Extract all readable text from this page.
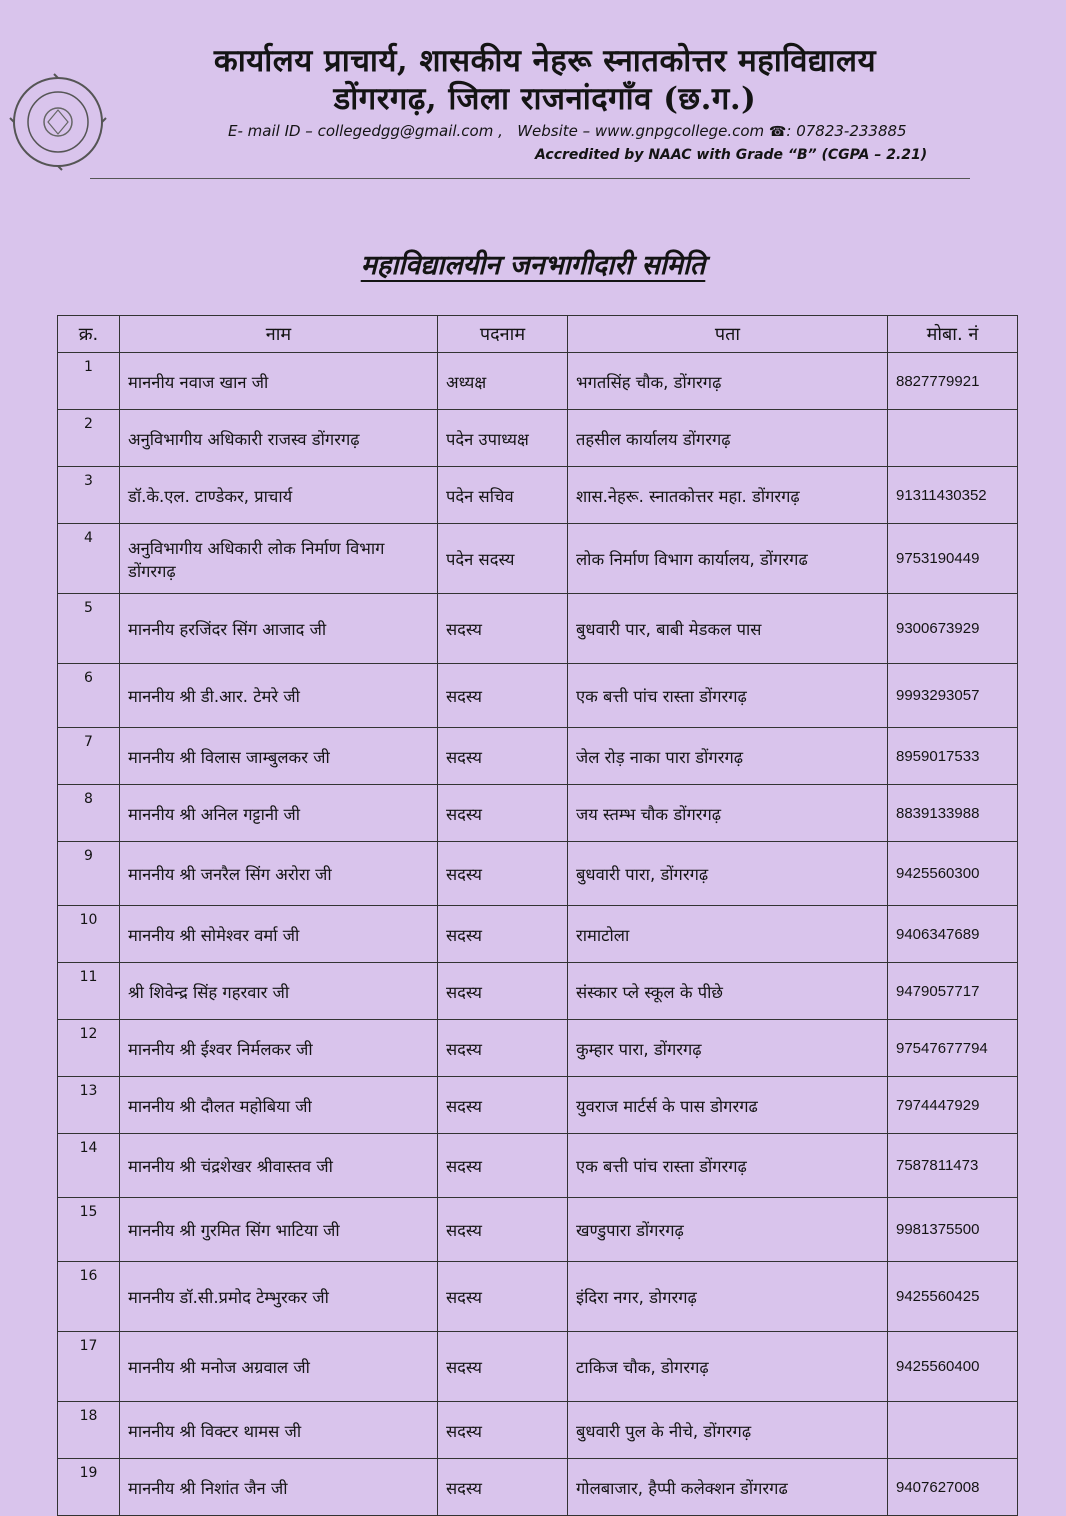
कार्यालय प्राचार्य, शासकीय नेहरू स्नातकोत्तर महाविद्यालय
डोंगरगढ़, जिला राजनांदगाँव (छ.ग.)
E- mail ID – collegedgg@gmail.com , Website – www.gnpgcollege.com ☎: 07823-233885
Accredited by NAAC with Grade “B” (CGPA – 2.21)
महाविद्यालयीन जनभागीदारी समिति
क्र.	नाम	पदनाम	पता	मोबा. नं
1	माननीय नवाज खान जी	अध्यक्ष	भगतसिंह चौक, डोंगरगढ़	8827779921
2	अनुविभागीय अधिकारी राजस्व डोंगरगढ़	पदेन उपाध्यक्ष	तहसील कार्यालय डोंगरगढ़	
3	डॉ.के.एल. टाण्डेकर, प्राचार्य	पदेन सचिव	शास.नेहरू. स्नातकोत्तर महा. डोंगरगढ़	91311430352
4	अनुविभागीय अधिकारी लोक निर्माण विभाग डोंगरगढ़	पदेन सदस्य	लोक निर्माण विभाग कार्यालय, डोंगरगढ	9753190449
5	माननीय हरजिंदर सिंग आजाद जी	सदस्य	बुधवारी पार, बाबी मेडकल पास	9300673929
6	माननीय श्री डी.आर. टेमरे जी	सदस्य	एक बत्ती पांच रास्ता डोंगरगढ़	9993293057
7	माननीय श्री विलास जाम्बुलकर जी	सदस्य	जेल रोड़ नाका पारा डोंगरगढ़	8959017533
8	माननीय श्री अनिल गट्टानी जी	सदस्य	जय स्तम्भ चौक डोंगरगढ़	8839133988
9	माननीय श्री जनरैल सिंग अरोरा जी	सदस्य	बुधवारी पारा, डोंगरगढ़	9425560300
10	माननीय श्री सोमेश्वर वर्मा जी	सदस्य	रामाटोला	9406347689
11	श्री शिवेन्द्र सिंह गहरवार जी	सदस्य	संस्कार प्ले स्कूल के पीछे	9479057717
12	माननीय श्री ईश्वर निर्मलकर जी	सदस्य	कुम्हार पारा, डोंगरगढ़	97547677794
13	माननीय श्री दौलत महोबिया जी	सदस्य	युवराज मार्टर्स के पास डोगरगढ	7974447929
14	माननीय श्री चंद्रशेखर श्रीवास्तव जी	सदस्य	एक बत्ती पांच रास्ता डोंगरगढ़	7587811473
15	माननीय श्री गुरमित सिंग भाटिया जी	सदस्य	खण्डुपारा डोंगरगढ़	9981375500
16	माननीय डॉ.सी.प्रमोद टेम्भुरकर जी	सदस्य	इंदिरा नगर, डोगरगढ़	9425560425
17	माननीय श्री मनोज अग्रवाल जी	सदस्य	टाकिज चौक, डोगरगढ़	9425560400
18	माननीय श्री विक्टर थामस जी	सदस्य	बुधवारी पुल के नीचे, डोंगरगढ़	
19	माननीय श्री निशांत जैन जी	सदस्य	गोलबाजार, हैप्पी कलेक्शन डोंगरगढ	9407627008
